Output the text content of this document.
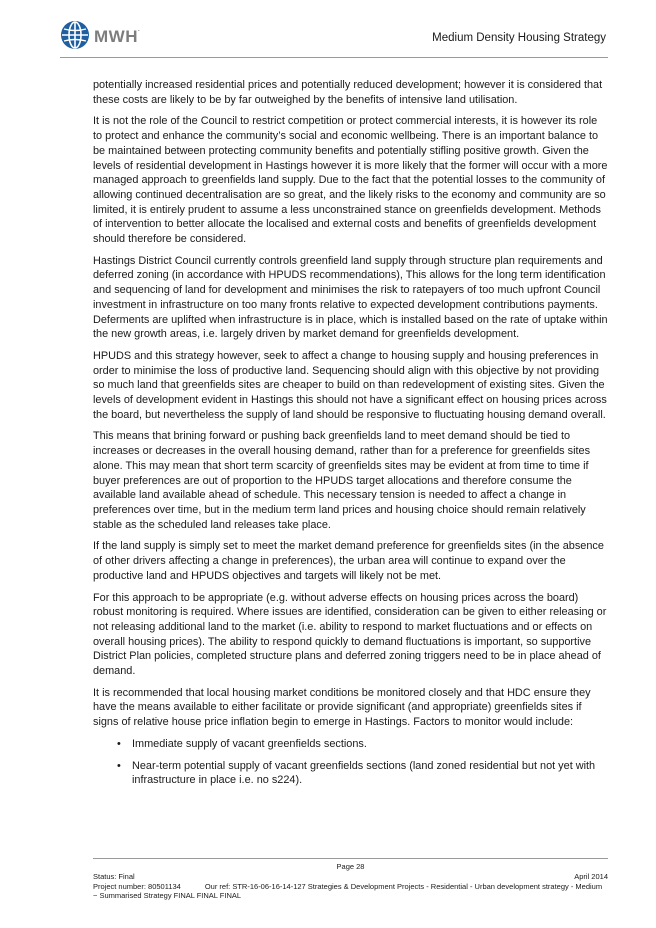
MWH.
Medium Density Housing Strategy

potentially increased residential prices and potentially reduced development; however it is considered that these costs are likely to be by far outweighed by the benefits of intensive land utilisation.

It is not the role of the Council to restrict competition or protect commercial interests, it is however its role to protect and enhance the community’s social and economic wellbeing. There is an important balance to be maintained between protecting community benefits and potentially stifling positive growth. Given the levels of residential development in Hastings however it is more likely that the former will occur with a more managed approach to greenfields land supply. Due to the fact that the potential losses to the community of allowing continued decentralisation are so great, and the likely risks to the economy and community are so limited, it is entirely prudent to assume a less unconstrained stance on greenfields development. Methods of intervention to better allocate the localised and external costs and benefits of greenfields development should therefore be considered.

Hastings District Council currently controls greenfield land supply through structure plan requirements and deferred zoning (in accordance with HPUDS recommendations), This allows for the long term identification and sequencing of land for development and minimises the risk to ratepayers of too much upfront Council investment in infrastructure on too many fronts relative to expected development contributions payments. Deferments are uplifted when infrastructure is in place, which is installed based on the rate of uptake within the new growth areas, i.e. largely driven by market demand for greenfields development.

HPUDS and this strategy however, seek to affect a change to housing supply and housing preferences in order to minimise the loss of productive land. Sequencing should align with this objective by not providing so much land that greenfields sites are cheaper to build on than redevelopment of existing sites. Given the levels of development evident in Hastings this should not have a significant effect on housing prices across the board, but nevertheless the supply of land should be responsive to fluctuating housing demand overall.

This means that brining forward or pushing back greenfields land to meet demand should be tied to increases or decreases in the overall housing demand, rather than for a preference for greenfields sites alone. This may mean that short term scarcity of greenfields sites may be evident at from time to time if buyer preferences are out of proportion to the HPUDS target allocations and therefore consume the available land available ahead of schedule. This necessary tension is needed to affect a change in preferences over time, but in the medium term land prices and housing choice should remain relatively stable as the scheduled land releases take place.

If the land supply is simply set to meet the market demand preference for greenfields sites (in the absence of other drivers affecting a change in preferences), the urban area will continue to expand over the productive land and HPUDS objectives and targets will likely not be met.

For this approach to be appropriate (e.g. without adverse effects on housing prices across the board) robust monitoring is required. Where issues are identified, consideration can be given to either releasing or not releasing additional land to the market (i.e. ability to respond to market fluctuations and or effects on overall housing prices). The ability to respond quickly to demand fluctuations is important, so supportive District Plan policies, completed structure plans and deferred zoning triggers need to be in place ahead of demand.

It is recommended that local housing market conditions be monitored closely and that HDC ensure they have the means available to either facilitate or provide significant (and appropriate) greenfields sites if signs of relative house price inflation begin to emerge in Hastings. Factors to monitor would include:

• Immediate supply of vacant greenfields sections.
• Near-term potential supply of vacant greenfields sections (land zoned residential but not yet with infrastructure in place i.e. no s224).
Page 28
Status: Final	April 2014
Project number: 80501134	Our ref: STR-16-06-16-14-127 Strategies & Development Projects - Residential - Urban development strategy - Medium ~ Summarised Strategy FINAL FINAL FINAL
